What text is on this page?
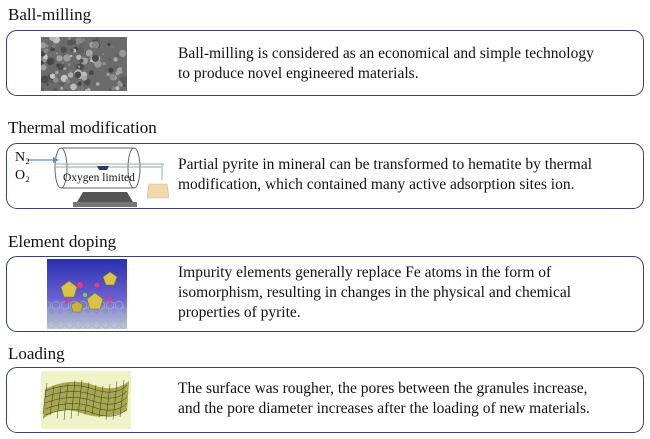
Ball-milling
Ball-milling is considered as an economical and simple technology
to produce novel engineered materials.
Thermal modification
N₂
O₂	Oxygen limited
Partial pyrite in mineral can be transformed to hematite by thermal
modification, which contained many active adsorption sites ion.
Element doping
Impurity elements generally replace Fe atoms in the form of
isomorphism, resulting in changes in the physical and chemical
properties of pyrite.
Loading
The surface was rougher, the pores between the granules increase,
and the pore diameter increases after the loading of new materials.
